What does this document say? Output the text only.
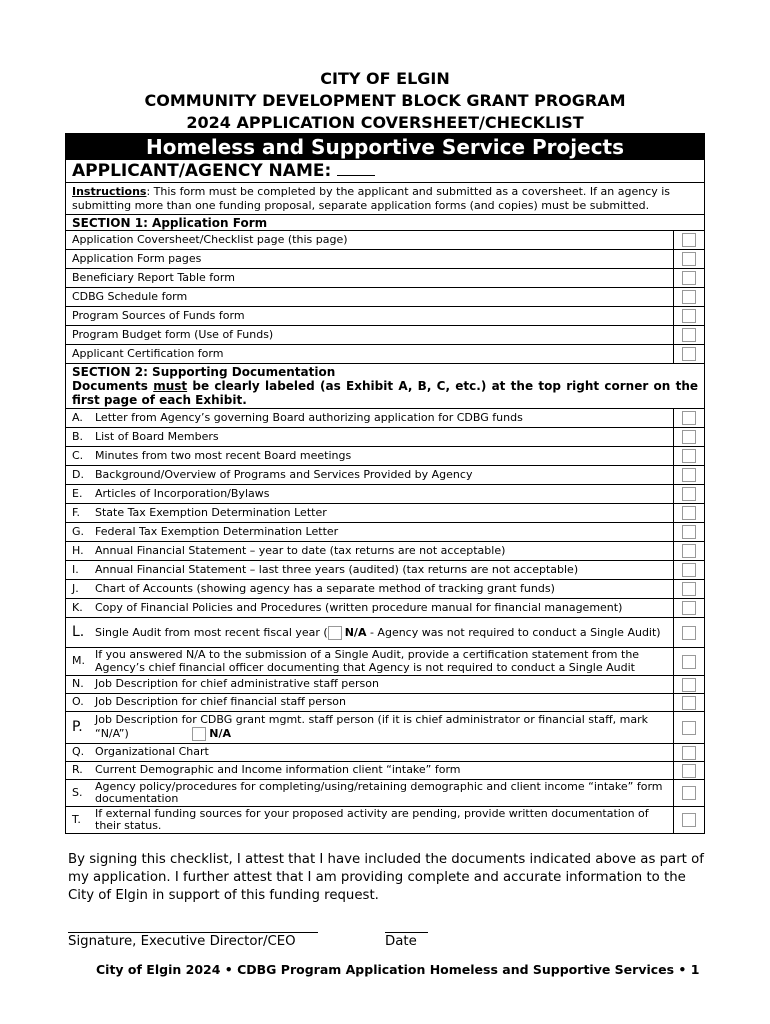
CITY OF ELGIN
COMMUNITY DEVELOPMENT BLOCK GRANT PROGRAM
2024 APPLICATION COVERSHEET/CHECKLIST
Homeless and Supportive Service Projects
APPLICANT/AGENCY NAME:
Instructions: This form must be completed by the applicant and submitted as a coversheet. If an agency is submitting more than one funding proposal, separate application forms (and copies) must be submitted.
SECTION 1: Application Form
Application Coversheet/Checklist page (this page)
Application Form pages
Beneficiary Report Table form
CDBG Schedule form
Program Sources of Funds form
Program Budget form (Use of Funds)
Applicant Certification form
SECTION 2: Supporting Documentation
Documents must be clearly labeled (as Exhibit A, B, C, etc.) at the top right corner on the first page of each Exhibit.
A.	Letter from Agency’s governing Board authorizing application for CDBG funds
B.	List of Board Members
C.	Minutes from two most recent Board meetings
D.	Background/Overview of Programs and Services Provided by Agency
E.	Articles of Incorporation/Bylaws
F.	State Tax Exemption Determination Letter
G. Federal Tax Exemption Determination Letter
H.	Annual Financial Statement – year to date (tax returns are not acceptable)
I.	Annual Financial Statement – last three years (audited) (tax returns are not acceptable)
J.	Chart of Accounts (showing agency has a separate method of tracking grant funds)
K.	Copy of Financial Policies and Procedures (written procedure manual for financial management)
L. Single Audit from most recent fiscal year ( N/A - Agency was not required to conduct a Single Audit)
M. If you answered N/A to the submission of a Single Audit, provide a certification statement from the Agency’s chief financial officer documenting that Agency is not required to conduct a Single Audit
N.	Job Description for chief administrative staff person
O.	Job Description for chief financial staff person
P.	Job Description for CDBG grant mgmt. staff person (if it is chief administrator or financial staff, mark “N/A”)	N/A
Q. Organizational Chart
R.	Current Demographic and Income information client “intake” form
S.	Agency policy/procedures for completing/using/retaining demographic and client income “intake” form documentation
T.	If external funding sources for your proposed activity are pending, provide written documentation of their status.
By signing this checklist, I attest that I have included the documents indicated above as part of my application. I further attest that I am providing complete and accurate information to the City of Elgin in support of this funding request.
Signature, Executive Director/CEO	Date
City of Elgin 2024 • CDBG Program Application Homeless and Supportive Services • 1
